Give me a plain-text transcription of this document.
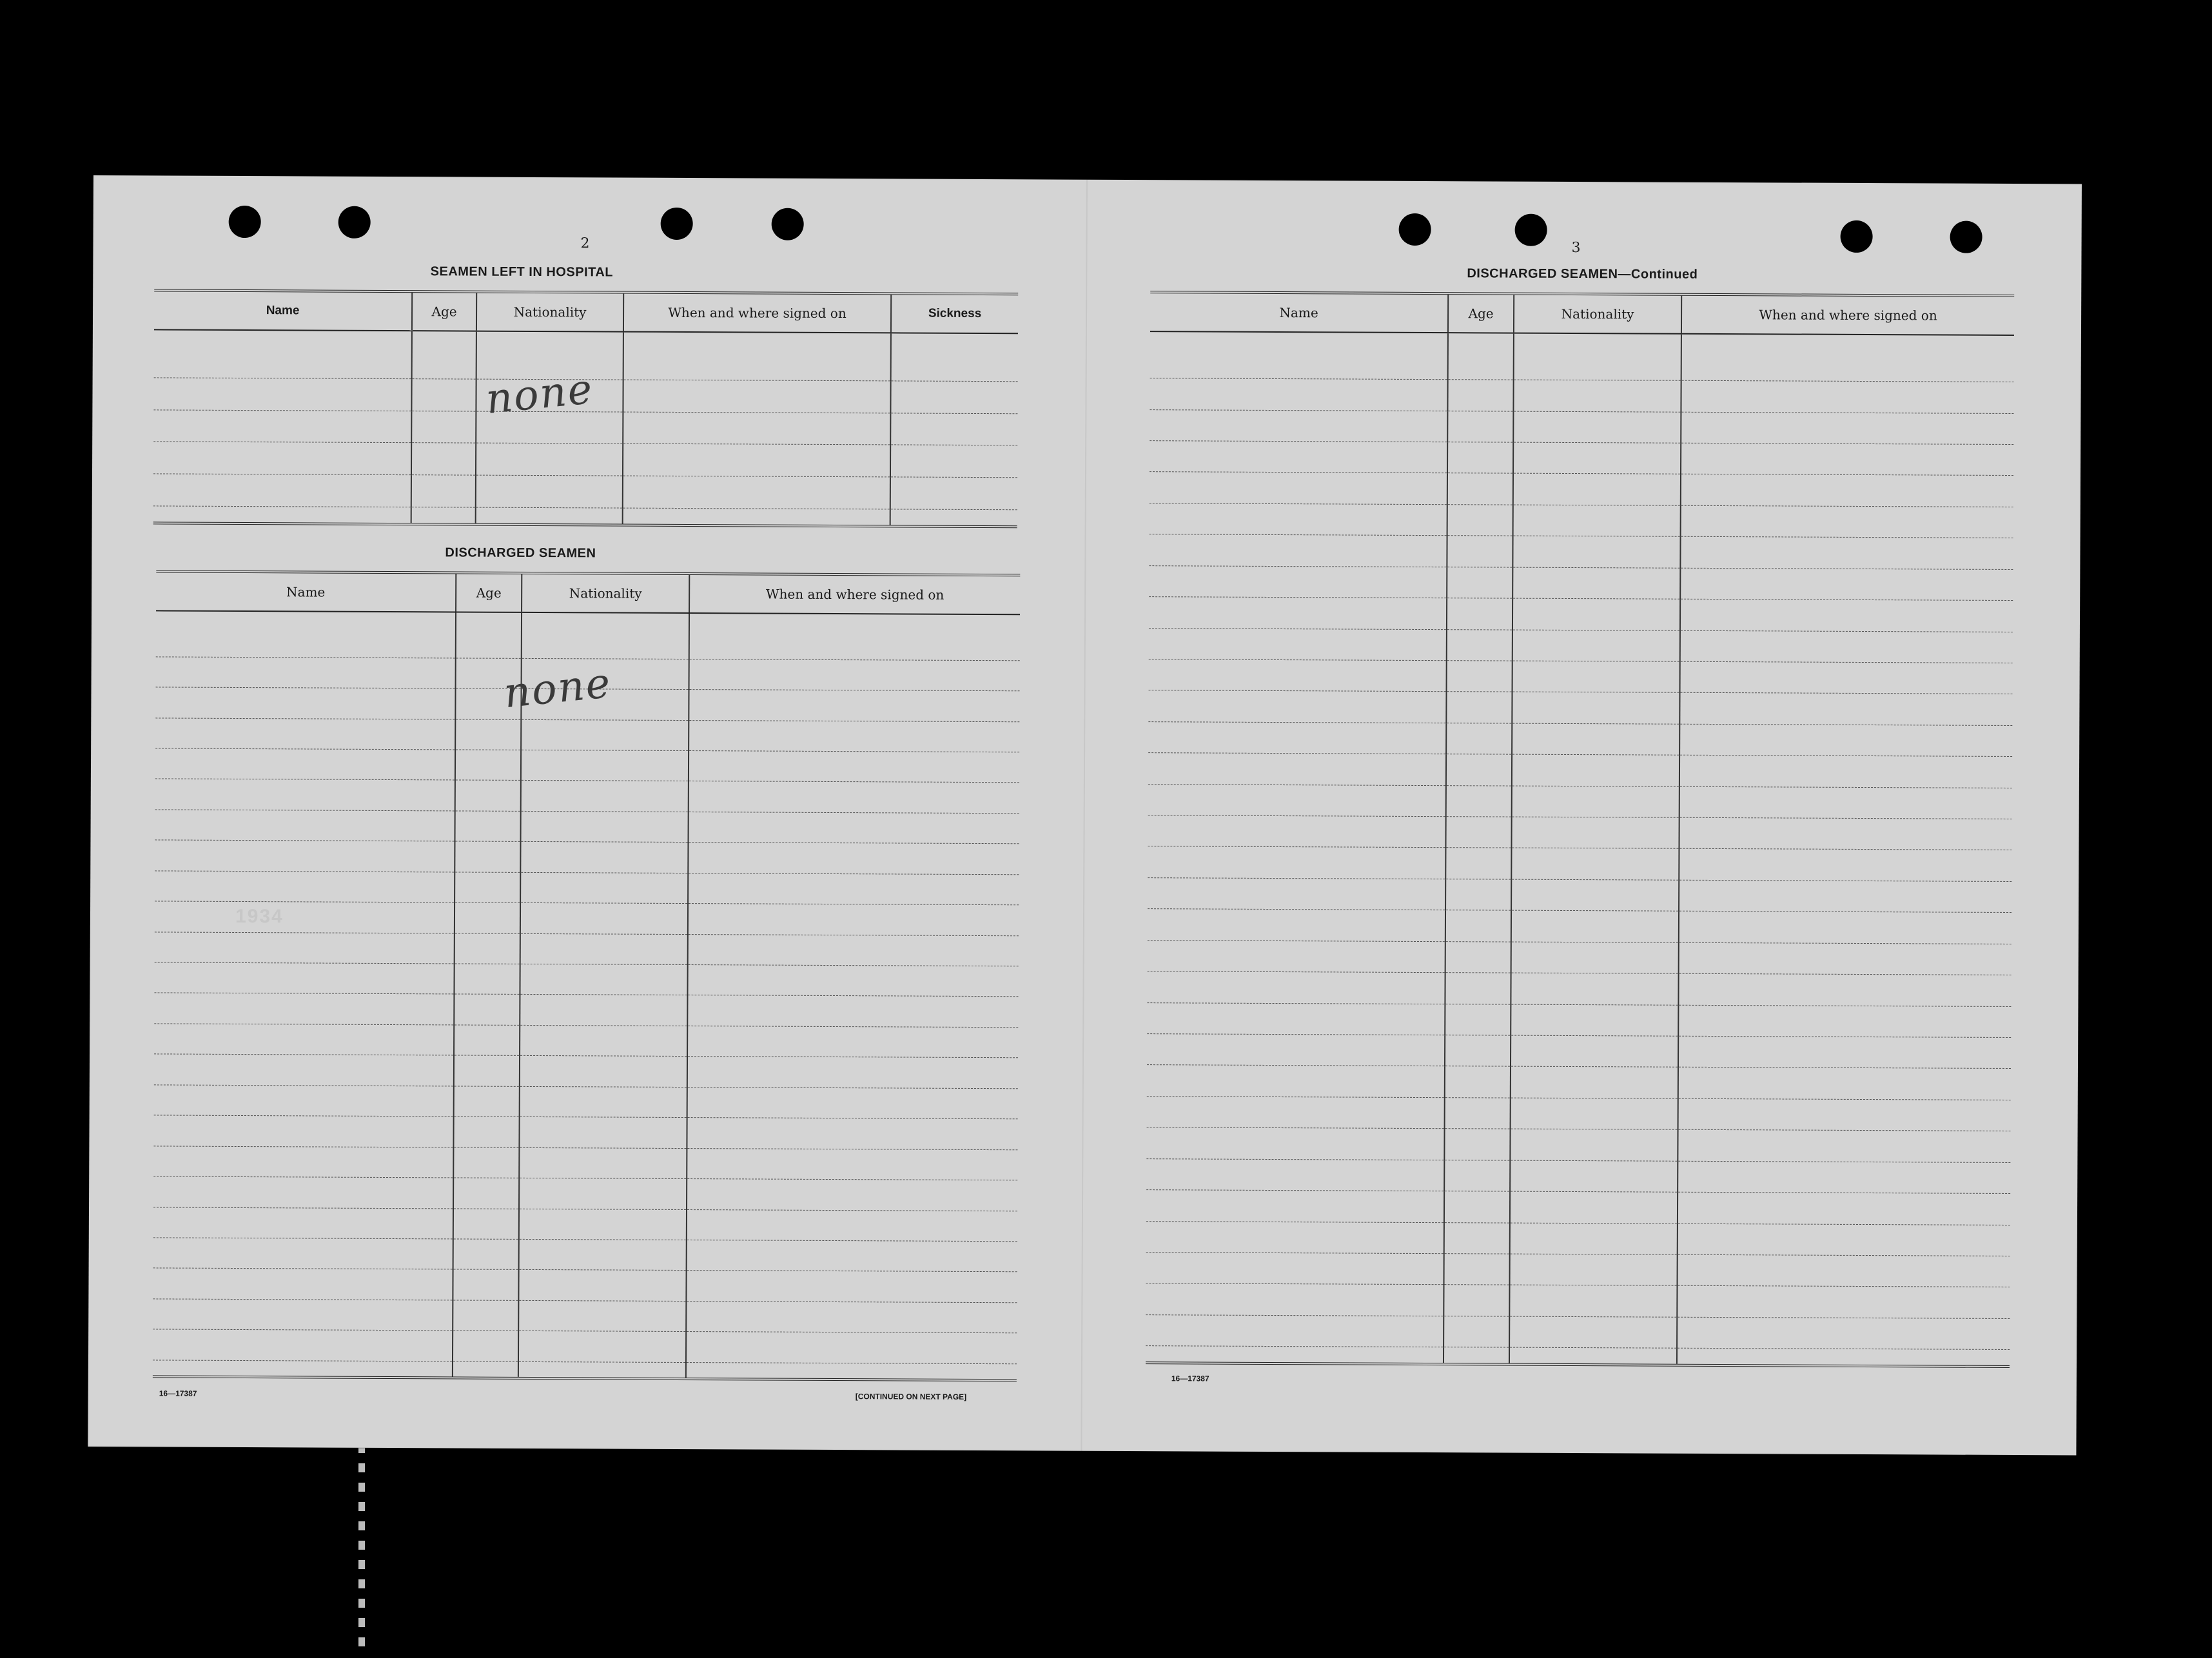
2
SEAMEN LEFT IN HOSPITAL
Name	Age	Nationality	When and where signed on	Sickness

none
DISCHARGED SEAMEN
Name	Age	Nationality	When and where signed on

none
1934
16—17387	[CONTINUED ON NEXT PAGE]
3
DISCHARGED SEAMEN—Continued
Name	Age	Nationality	When and where signed on

16—17387
